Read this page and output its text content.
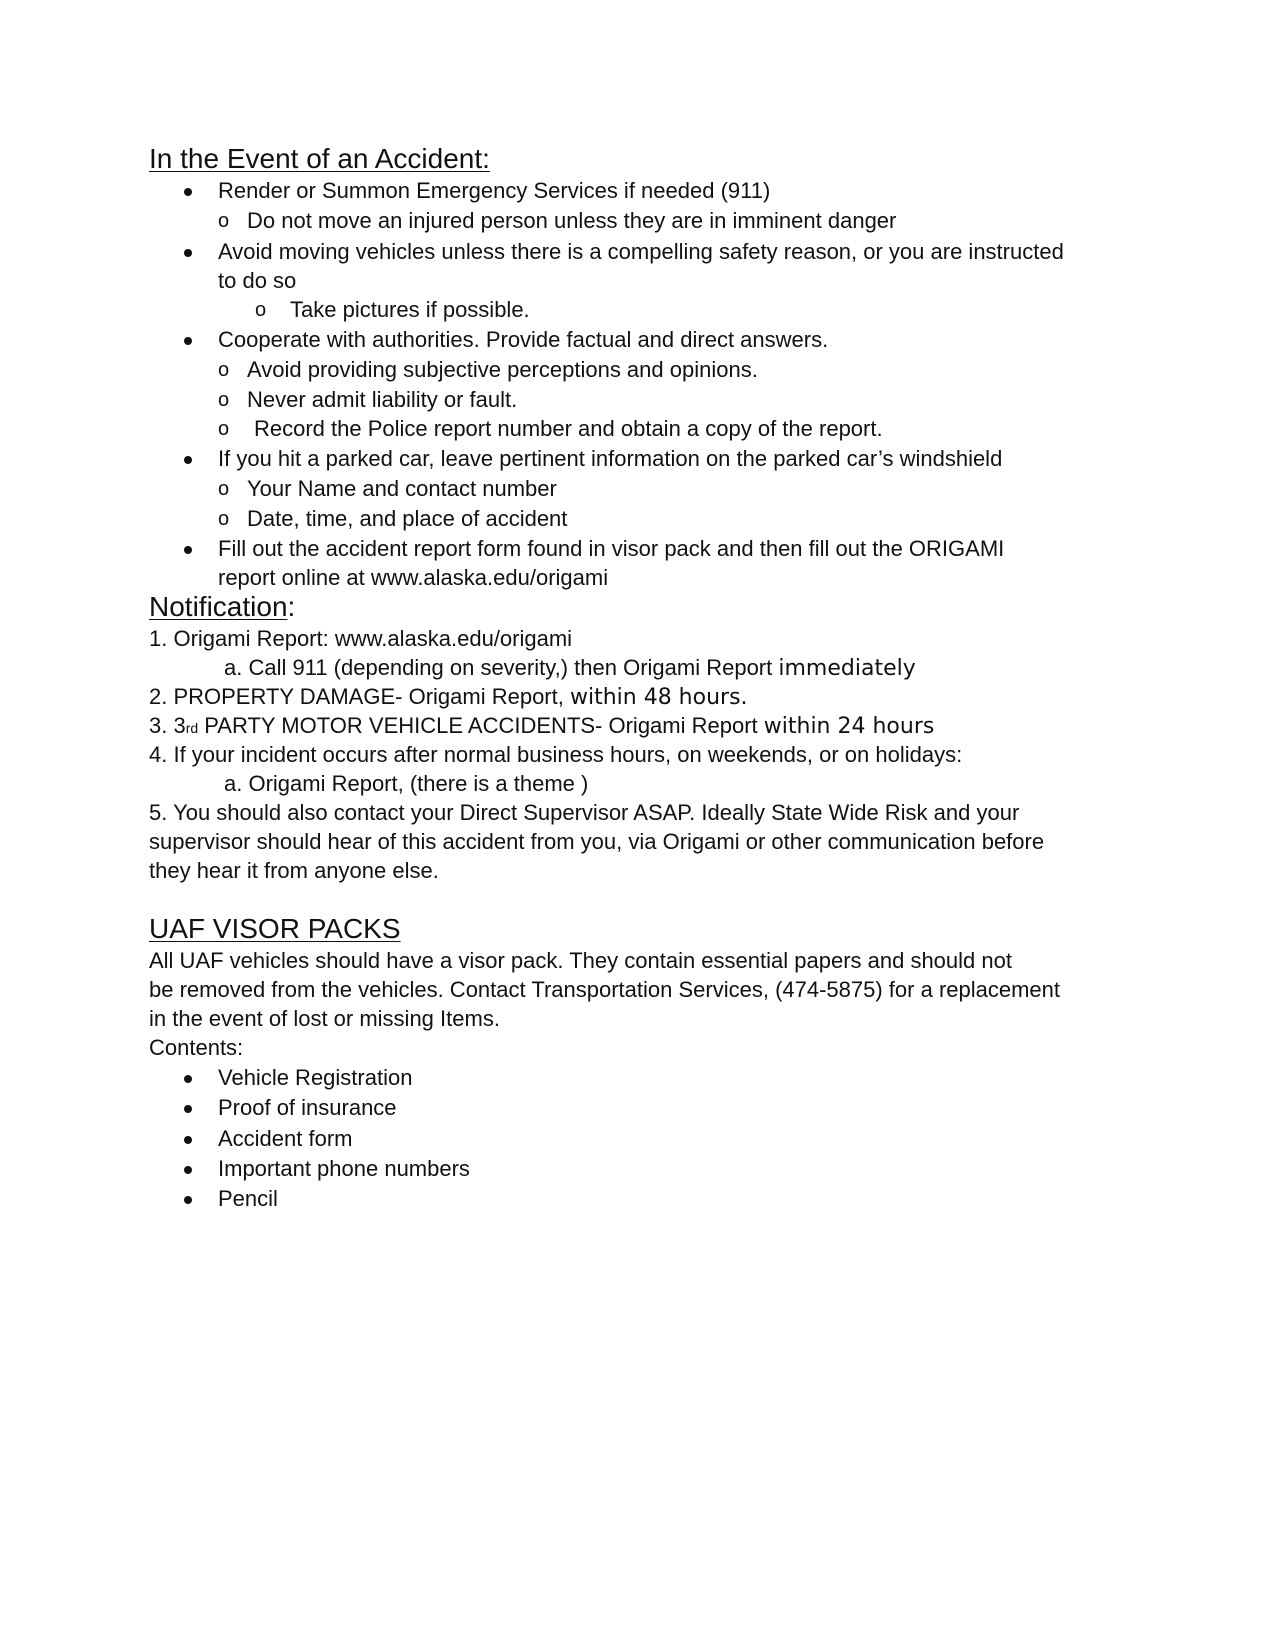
In the Event of an Accident:
Render or Summon Emergency Services if needed (911)
o Do not move an injured person unless they are in imminent danger
Avoid moving vehicles unless there is a compelling safety reason, or you are instructed
to do so
o Take pictures if possible.
Cooperate with authorities. Provide factual and direct answers.
o Avoid providing subjective perceptions and opinions.
o Never admit liability or fault.
o Record the Police report number and obtain a copy of the report.
If you hit a parked car, leave pertinent information on the parked car’s windshield
o Your Name and contact number
o Date, time, and place of accident
Fill out the accident report form found in visor pack and then fill out the ORIGAMI
report online at www.alaska.edu/origami
Notification:
1. Origami Report: www.alaska.edu/origami
a. Call 911 (depending on severity,) then Origami Report immediately
2. PROPERTY DAMAGE- Origami Report, within 48 hours.
3. 3rd PARTY MOTOR VEHICLE ACCIDENTS- Origami Report within 24 hours
4. If your incident occurs after normal business hours, on weekends, or on holidays:
a. Origami Report, (there is a theme )
5. You should also contact your Direct Supervisor ASAP. Ideally State Wide Risk and your
supervisor should hear of this accident from you, via Origami or other communication before
they hear it from anyone else.
UAF VISOR PACKS
All UAF vehicles should have a visor pack. They contain essential papers and should not
be removed from the vehicles. Contact Transportation Services, (474-5875) for a replacement
in the event of lost or missing Items.
Contents:
Vehicle Registration
Proof of insurance
Accident form
Important phone numbers
Pencil
